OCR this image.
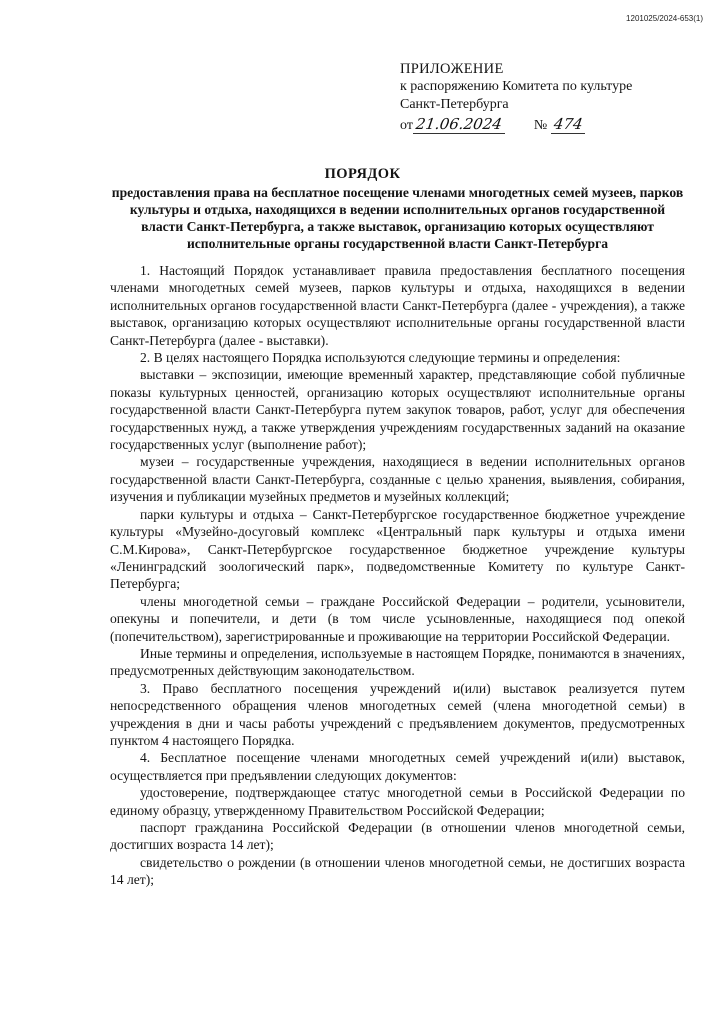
1201025/2024-653(1)
ПРИЛОЖЕНИЕ
к распоряжению Комитета по культуре
Санкт-Петербурга
от 21.06.2024 № 474
ПОРЯДОК
предоставления права на бесплатное посещение членами многодетных семей музеев, парков культуры и отдыха, находящихся в ведении исполнительных органов государственной власти Санкт-Петербурга, а также выставок, организацию которых осуществляют исполнительные органы государственной власти Санкт-Петербурга

1. Настоящий Порядок устанавливает правила предоставления бесплатного посещения членами многодетных семей музеев, парков культуры и отдыха, находящихся в ведении исполнительных органов государственной власти Санкт-Петербурга (далее - учреждения), а также выставок, организацию которых осуществляют исполнительные органы государственной власти Санкт-Петербурга (далее - выставки).

2. В целях настоящего Порядка используются следующие термины и определения:

выставки – экспозиции, имеющие временный характер, представляющие собой публичные показы культурных ценностей, организацию которых осуществляют исполнительные органы государственной власти Санкт-Петербурга путем закупок товаров, работ, услуг для обеспечения государственных нужд, а также утверждения учреждениям государственных заданий на оказание государственных услуг (выполнение работ);

музеи – государственные учреждения, находящиеся в ведении исполнительных органов государственной власти Санкт-Петербурга, созданные с целью хранения, выявления, собирания, изучения и публикации музейных предметов и музейных коллекций;

парки культуры и отдыха – Санкт-Петербургское государственное бюджетное учреждение культуры «Музейно-досуговый комплекс «Центральный парк культуры и отдыха имени С.М.Кирова», Санкт-Петербургское государственное бюджетное учреждение культуры «Ленинградский зоологический парк», подведомственные Комитету по культуре Санкт-Петербурга;

члены многодетной семьи – граждане Российской Федерации – родители, усыновители, опекуны и попечители, и дети (в том числе усыновленные, находящиеся под опекой (попечительством), зарегистрированные и проживающие на территории Российской Федерации.

Иные термины и определения, используемые в настоящем Порядке, понимаются в значениях, предусмотренных действующим законодательством.

3. Право бесплатного посещения учреждений и(или) выставок реализуется путем непосредственного обращения членов многодетных семей (члена многодетной семьи) в учреждения в дни и часы работы учреждений с предъявлением документов, предусмотренных пунктом 4 настоящего Порядка.

4. Бесплатное посещение членами многодетных семей учреждений и(или) выставок, осуществляется при предъявлении следующих документов:

удостоверение, подтверждающее статус многодетной семьи в Российской Федерации по единому образцу, утвержденному Правительством Российской Федерации;

паспорт гражданина Российской Федерации (в отношении членов многодетной семьи, достигших возраста 14 лет);

свидетельство о рождении (в отношении членов многодетной семьи, не достигших возраста 14 лет);
